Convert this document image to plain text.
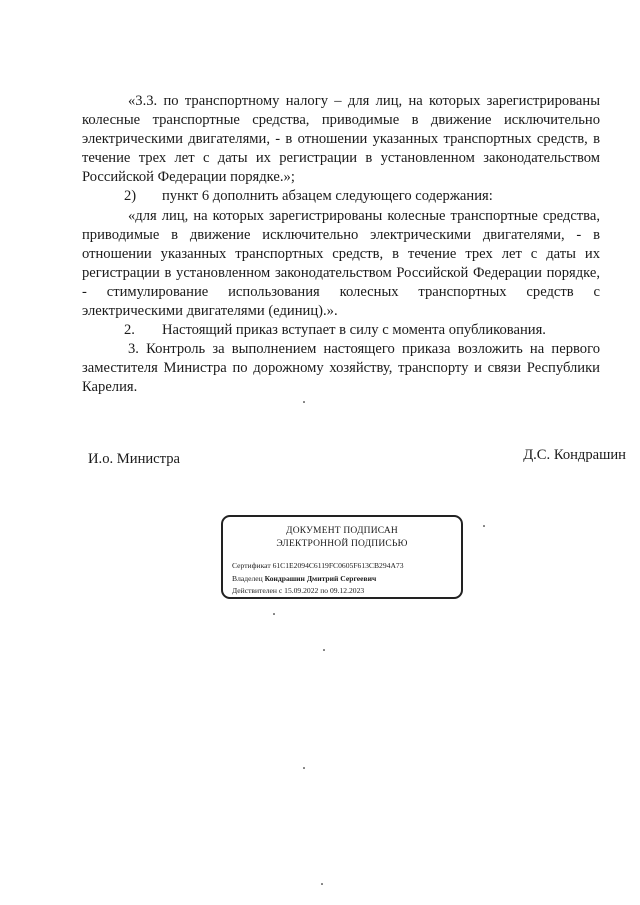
«3.3. по транспортному налогу – для лиц, на которых зарегистрированы колесные транспортные средства, приводимые в движение исключительно электрическими двигателями, - в отношении указанных транспортных средств, в течение трех лет с даты их регистрации в установленном законодательством Российской Федерации порядке.»;

2) пункт 6 дополнить абзацем следующего содержания:

«для лиц, на которых зарегистрированы колесные транспортные средства, приводимые в движение исключительно электрическими двигателями, - в отношении указанных транспортных средств, в течение трех лет с даты их регистрации в установленном законодательством Российской Федерации порядке, - стимулирование использования колесных транспортных средств с электрическими двигателями (единиц).».

2. Настоящий приказ вступает в силу с момента опубликования.

3. Контроль за выполнением настоящего приказа возложить на первого заместителя Министра по дорожному хозяйству, транспорту и связи Республики Карелия.

И.о. Министра	Д.С. Кондрашин
ДОКУМЕНТ ПОДПИСАН
ЭЛЕКТРОННОЙ ПОДПИСЬЮ
Сертификат 61C1E2094C6119FC0605F613CB294A73
Владелец Кондрашин Дмитрий Сергеевич
Действителен с 15.09.2022 по 09.12.2023
